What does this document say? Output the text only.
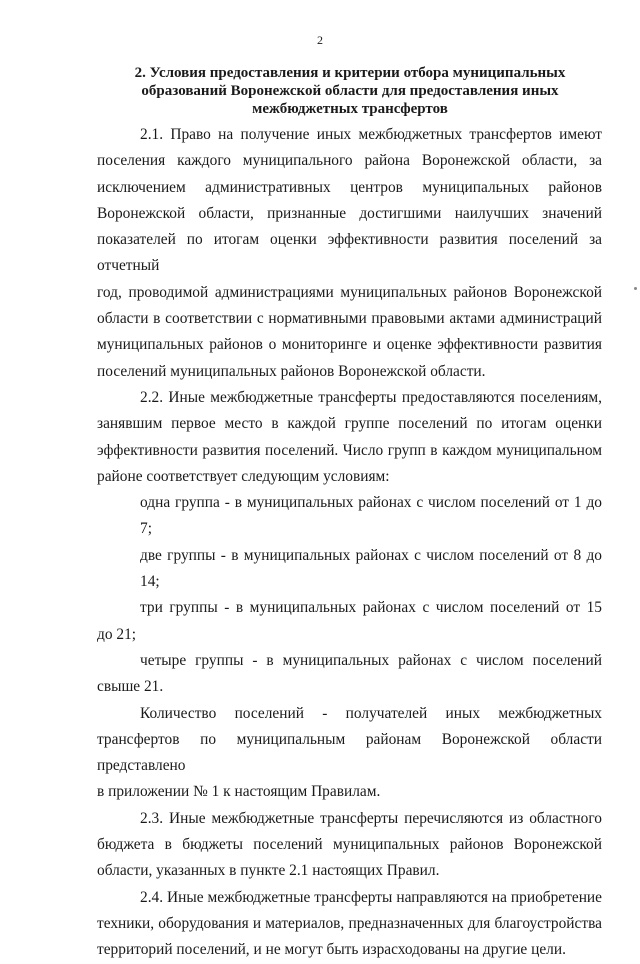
2
2. Условия предоставления и критерии отбора муниципальных
образований Воронежской области для предоставления иных
межбюджетных трансфертов
2.1. Право на получение иных межбюджетных трансфертов имеют
поселения каждого муниципального района Воронежской области, за
исключением административных центров муниципальных районов
Воронежской области, признанные достигшими наилучших значений
показателей по итогам оценки эффективности развития поселений за отчетный
год, проводимой администрациями муниципальных районов Воронежской
области в соответствии с нормативными правовыми актами администраций
муниципальных районов о мониторинге и оценке эффективности развития
поселений муниципальных районов Воронежской области.
2.2. Иные межбюджетные трансферты предоставляются поселениям,
занявшим первое место в каждой группе поселений по итогам оценки
эффективности развития поселений. Число групп в каждом муниципальном
районе соответствует следующим условиям:
одна группа - в муниципальных районах с числом поселений от 1 до 7;
две группы - в муниципальных районах с числом поселений от 8 до 14;
три группы - в муниципальных районах с числом поселений от 15
до 21;
четыре группы - в муниципальных районах с числом поселений
свыше 21.
Количество поселений - получателей иных межбюджетных
трансфертов по муниципальным районам Воронежской области представлено
в приложении № 1 к настоящим Правилам.
2.3. Иные межбюджетные трансферты перечисляются из областного
бюджета в бюджеты поселений муниципальных районов Воронежской
области, указанных в пункте 2.1 настоящих Правил.
2.4. Иные межбюджетные трансферты направляются на приобретение
техники, оборудования и материалов, предназначенных для благоустройства
территорий поселений, и не могут быть израсходованы на другие цели.
